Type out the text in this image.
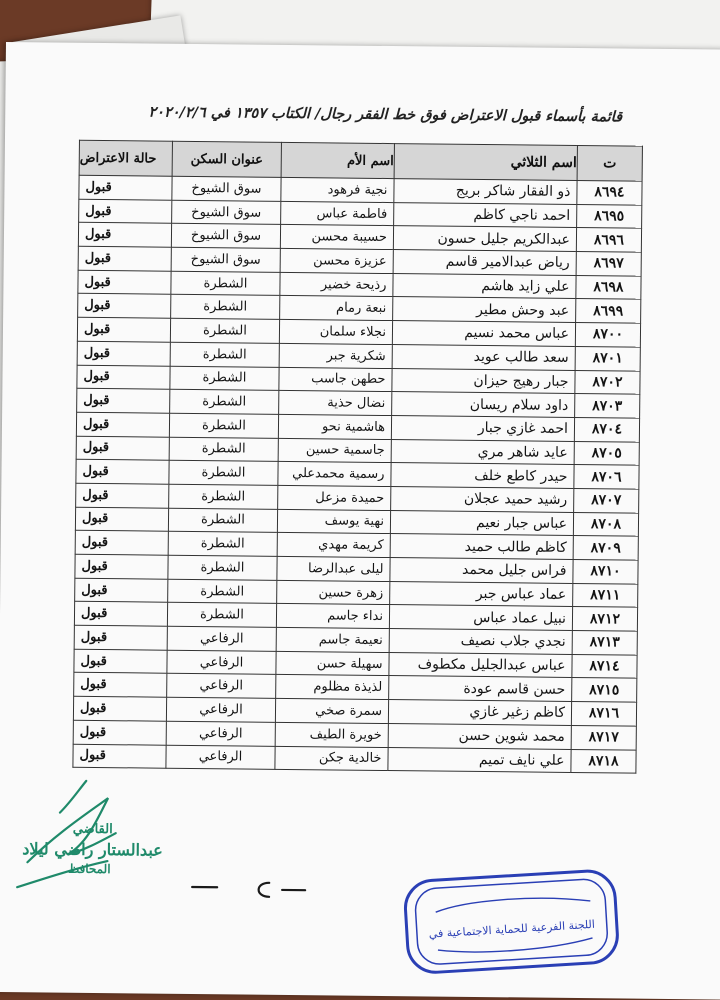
قائمة بأسماء قبول الاعتراض فوق خط الفقر رجال/ الكتاب ١٣٥٧ في ٢٠٢٠/٢/٦
ت	اسم الثلاثي	اسم الأم	عنوان السكن	حالة الاعتراض
٨٦٩٤	ذو الفقار شاكر بريج	نجية فرهود	سوق الشيوخ	قبول
٨٦٩٥	احمد ناجي كاظم	فاطمة عباس	سوق الشيوخ	قبول
٨٦٩٦	عبدالكريم جليل حسون	حسيبة محسن	سوق الشيوخ	قبول
٨٦٩٧	رياض عبدالامير قاسم	عزيزة محسن	سوق الشيوخ	قبول
٨٦٩٨	علي زايد هاشم	رذيحة خضير	الشطرة	قبول
٨٦٩٩	عبد وحش مطير	نبعة رمام	الشطرة	قبول
٨٧٠٠	عباس محمد نسيم	نجلاء سلمان	الشطرة	قبول
٨٧٠١	سعد طالب عويد	شكرية جبر	الشطرة	قبول
٨٧٠٢	جبار رهيج حيزان	حطهن جاسب	الشطرة	قبول
٨٧٠٣	داود سلام ريسان	نضال حذية	الشطرة	قبول
٨٧٠٤	احمد غازي جبار	هاشمية نحو	الشطرة	قبول
٨٧٠٥	عايد شاهر مري	جاسمية حسين	الشطرة	قبول
٨٧٠٦	حيدر كاطع خلف	رسمية محمدعلي	الشطرة	قبول
٨٧٠٧	رشيد حميد عجلان	حميدة مزعل	الشطرة	قبول
٨٧٠٨	عباس جبار نعيم	نهية يوسف	الشطرة	قبول
٨٧٠٩	كاظم طالب حميد	كريمة مهدي	الشطرة	قبول
٨٧١٠	فراس جليل محمد	ليلى عبدالرضا	الشطرة	قبول
٨٧١١	عماد عباس جبر	زهرة حسين	الشطرة	قبول
٨٧١٢	نبيل عماد عباس	نداء جاسم	الشطرة	قبول
٨٧١٣	نجدي جلاب نصيف	نعيمة جاسم	الرفاعي	قبول
٨٧١٤	عباس عبدالجليل مكطوف	سهيلة حسن	الرفاعي	قبول
٨٧١٥	حسن قاسم عودة	لذيذة مظلوم	الرفاعي	قبول
٨٧١٦	كاظم زغير غازي	سمرة صخي	الرفاعي	قبول
٨٧١٧	محمد شوين حسن	خويرة الطيف	الرفاعي	قبول
٨٧١٨	علي نايف تميم	خالدية جكن	الرفاعي	قبول
القاضي
عبدالستار راضي ليلاد
المحافظ
اللجنة الفرعية للحماية الاجتماعية في
